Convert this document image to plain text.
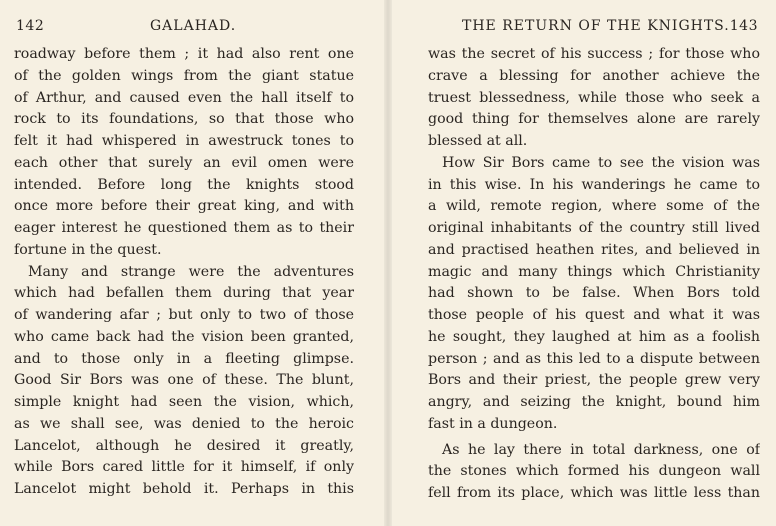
142	GALAHAD.
roadway before them ; it had also rent one
of the golden wings from the giant statue
of Arthur, and caused even the hall itself to
rock to its foundations, so that those who
felt it had whispered in awestruck tones to
each other that surely an evil omen were
intended. Before long the knights stood
once more before their great king, and with
eager interest he questioned them as to their
fortune in the quest.
Many and strange were the adventures
which had befallen them during that year
of wandering afar ; but only to two of those
who came back had the vision been granted,
and to those only in a fleeting glimpse.
Good Sir Bors was one of these. The blunt,
simple knight had seen the vision, which,
as we shall see, was denied to the heroic
Lancelot, although he desired it greatly,
while Bors cared little for it himself, if only
Lancelot might behold it. Perhaps in this
THE RETURN OF THE KNIGHTS. 143
was the secret of his success ; for those who
crave a blessing for another achieve the
truest blessedness, while those who seek a
good thing for themselves alone are rarely
blessed at all.
How Sir Bors came to see the vision was
in this wise. In his wanderings he came to
a wild, remote region, where some of the
original inhabitants of the country still lived
and practised heathen rites, and believed in
magic and many things which Christianity
had shown to be false. When Bors told
those people of his quest and what it was
he sought, they laughed at him as a foolish
person ; and as this led to a dispute between
Bors and their priest, the people grew very
angry, and seizing the knight, bound him
fast in a dungeon.
As he lay there in total darkness, one of
the stones which formed his dungeon wall
fell from its place, which was little less than
